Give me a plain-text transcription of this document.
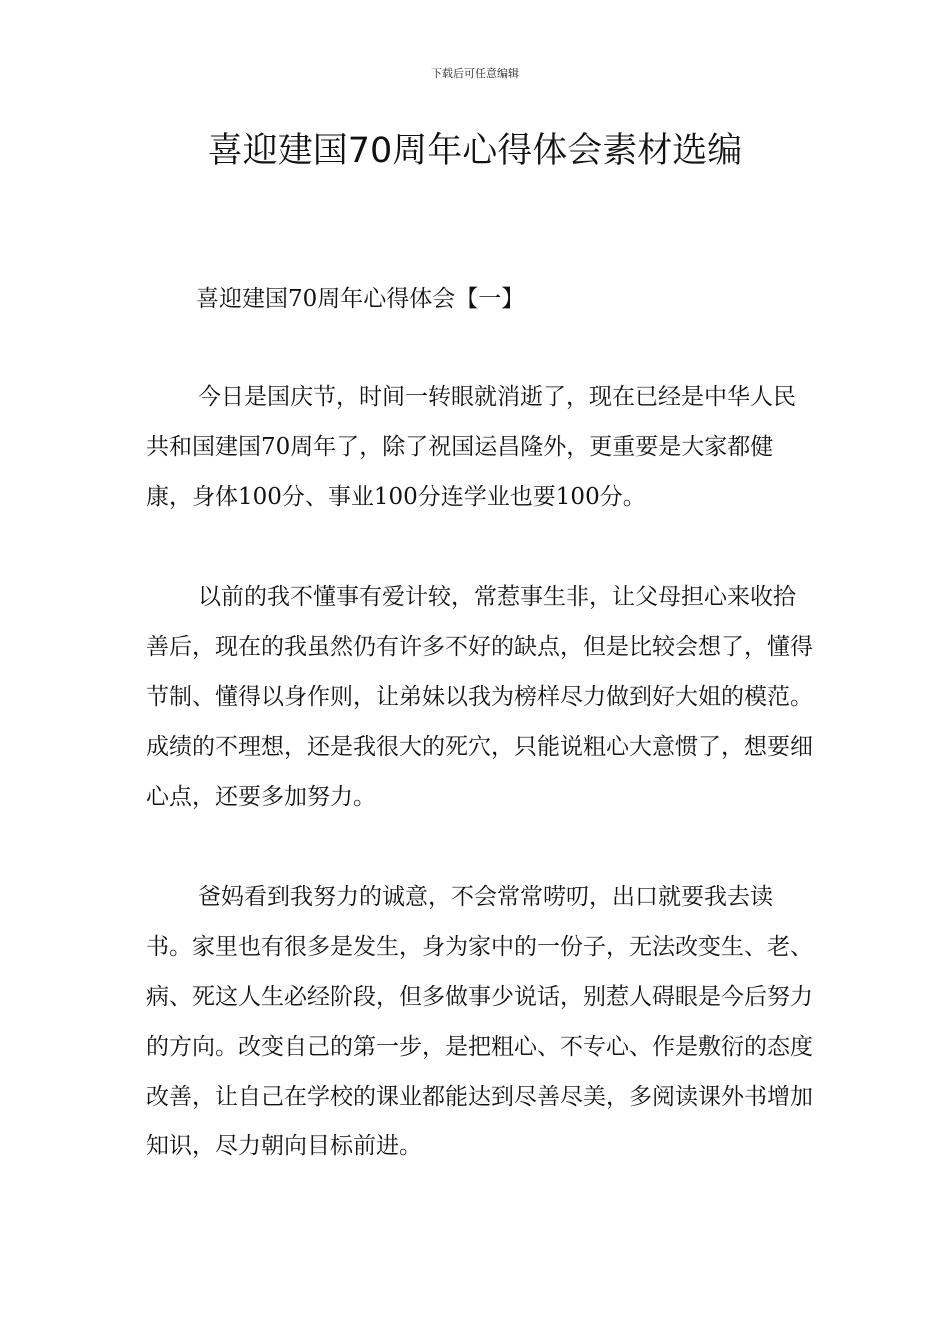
下载后可任意编辑
喜迎建国70周年心得体会素材选编
喜迎建国70周年心得体会【一】

今日是国庆节，时间一转眼就消逝了，现在已经是中华人民共和国建国70周年了，除了祝国运昌隆外，更重要是大家都健康，身体100分、事业100分连学业也要100分。

以前的我不懂事有爱计较，常惹事生非，让父母担心来收拾善后，现在的我虽然仍有许多不好的缺点，但是比较会想了，懂得节制、懂得以身作则，让弟妹以我为榜样尽力做到好大姐的模范。成绩的不理想，还是我很大的死穴，只能说粗心大意惯了，想要细心点，还要多加努力。

爸妈看到我努力的诚意，不会常常唠叨，出口就要我去读书。家里也有很多是发生，身为家中的一份子，无法改变生、老、病、死这人生必经阶段，但多做事少说话，别惹人碍眼是今后努力的方向。改变自己的第一步，是把粗心、不专心、作是敷衍的态度改善，让自己在学校的课业都能达到尽善尽美，多阅读课外书增加知识，尽力朝向目标前进。
